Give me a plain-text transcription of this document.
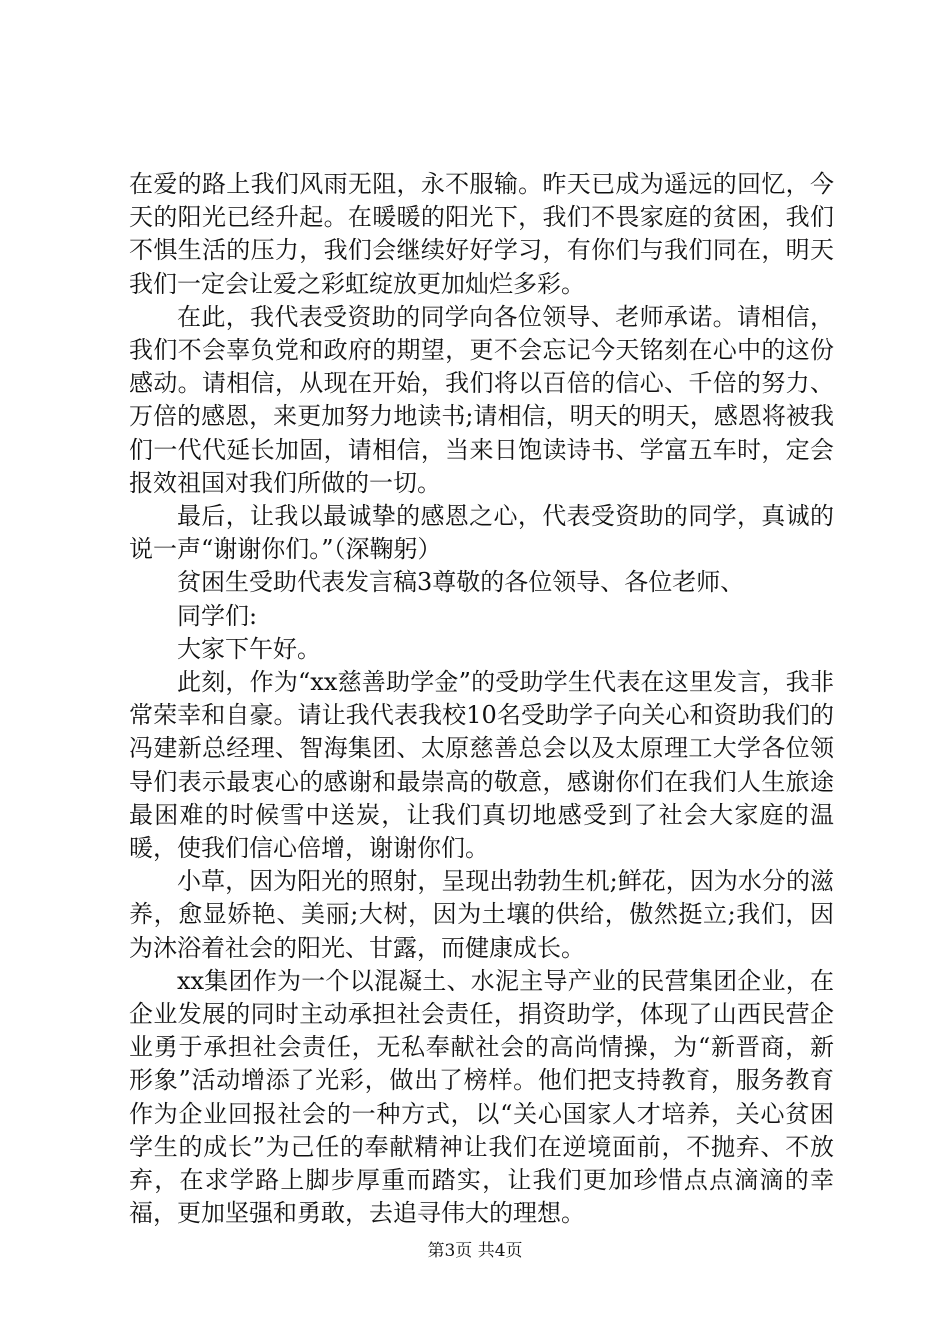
在爱的路上我们风雨无阻，永不服输。昨天已成为遥远的回忆，今天的阳光已经升起。在暖暖的阳光下，我们不畏家庭的贫困，我们不惧生活的压力，我们会继续好好学习，有你们与我们同在，明天我们一定会让爱之彩虹绽放更加灿烂多彩。

在此，我代表受资助的同学向各位领导、老师承诺。请相信，我们不会辜负党和政府的期望，更不会忘记今天铭刻在心中的这份感动。请相信，从现在开始，我们将以百倍的信心、千倍的努力、万倍的感恩，来更加努力地读书;请相信，明天的明天，感恩将被我们一代代延长加固，请相信，当来日饱读诗书、学富五车时，定会报效祖国对我们所做的一切。

最后，让我以最诚挚的感恩之心，代表受资助的同学，真诚的说一声“谢谢你们。”（深鞠躬）

贫困生受助代表发言稿3尊敬的各位领导、各位老师、

同学们:

大家下午好。

此刻，作为“xx慈善助学金”的受助学生代表在这里发言，我非常荣幸和自豪。请让我代表我校10名受助学子向关心和资助我们的冯建新总经理、智海集团、太原慈善总会以及太原理工大学各位领导们表示最衷心的感谢和最崇高的敬意，感谢你们在我们人生旅途最困难的时候雪中送炭，让我们真切地感受到了社会大家庭的温暖，使我们信心倍增，谢谢你们。

小草，因为阳光的照射，呈现出勃勃生机;鲜花，因为水分的滋养，愈显娇艳、美丽;大树，因为土壤的供给，傲然挺立;我们，因为沐浴着社会的阳光、甘露，而健康成长。

xx集团作为一个以混凝土、水泥主导产业的民营集团企业，在企业发展的同时主动承担社会责任，捐资助学，体现了山西民营企业勇于承担社会责任，无私奉献社会的高尚情操，为“新晋商，新形象”活动增添了光彩，做出了榜样。他们把支持教育，服务教育作为企业回报社会的一种方式，以“关心国家人才培养，关心贫困学生的成长”为己任的奉献精神让我们在逆境面前，不抛弃、不放弃，在求学路上脚步厚重而踏实，让我们更加珍惜点点滴滴的幸福，更加坚强和勇敢，去追寻伟大的理想。

第3页 共4页
